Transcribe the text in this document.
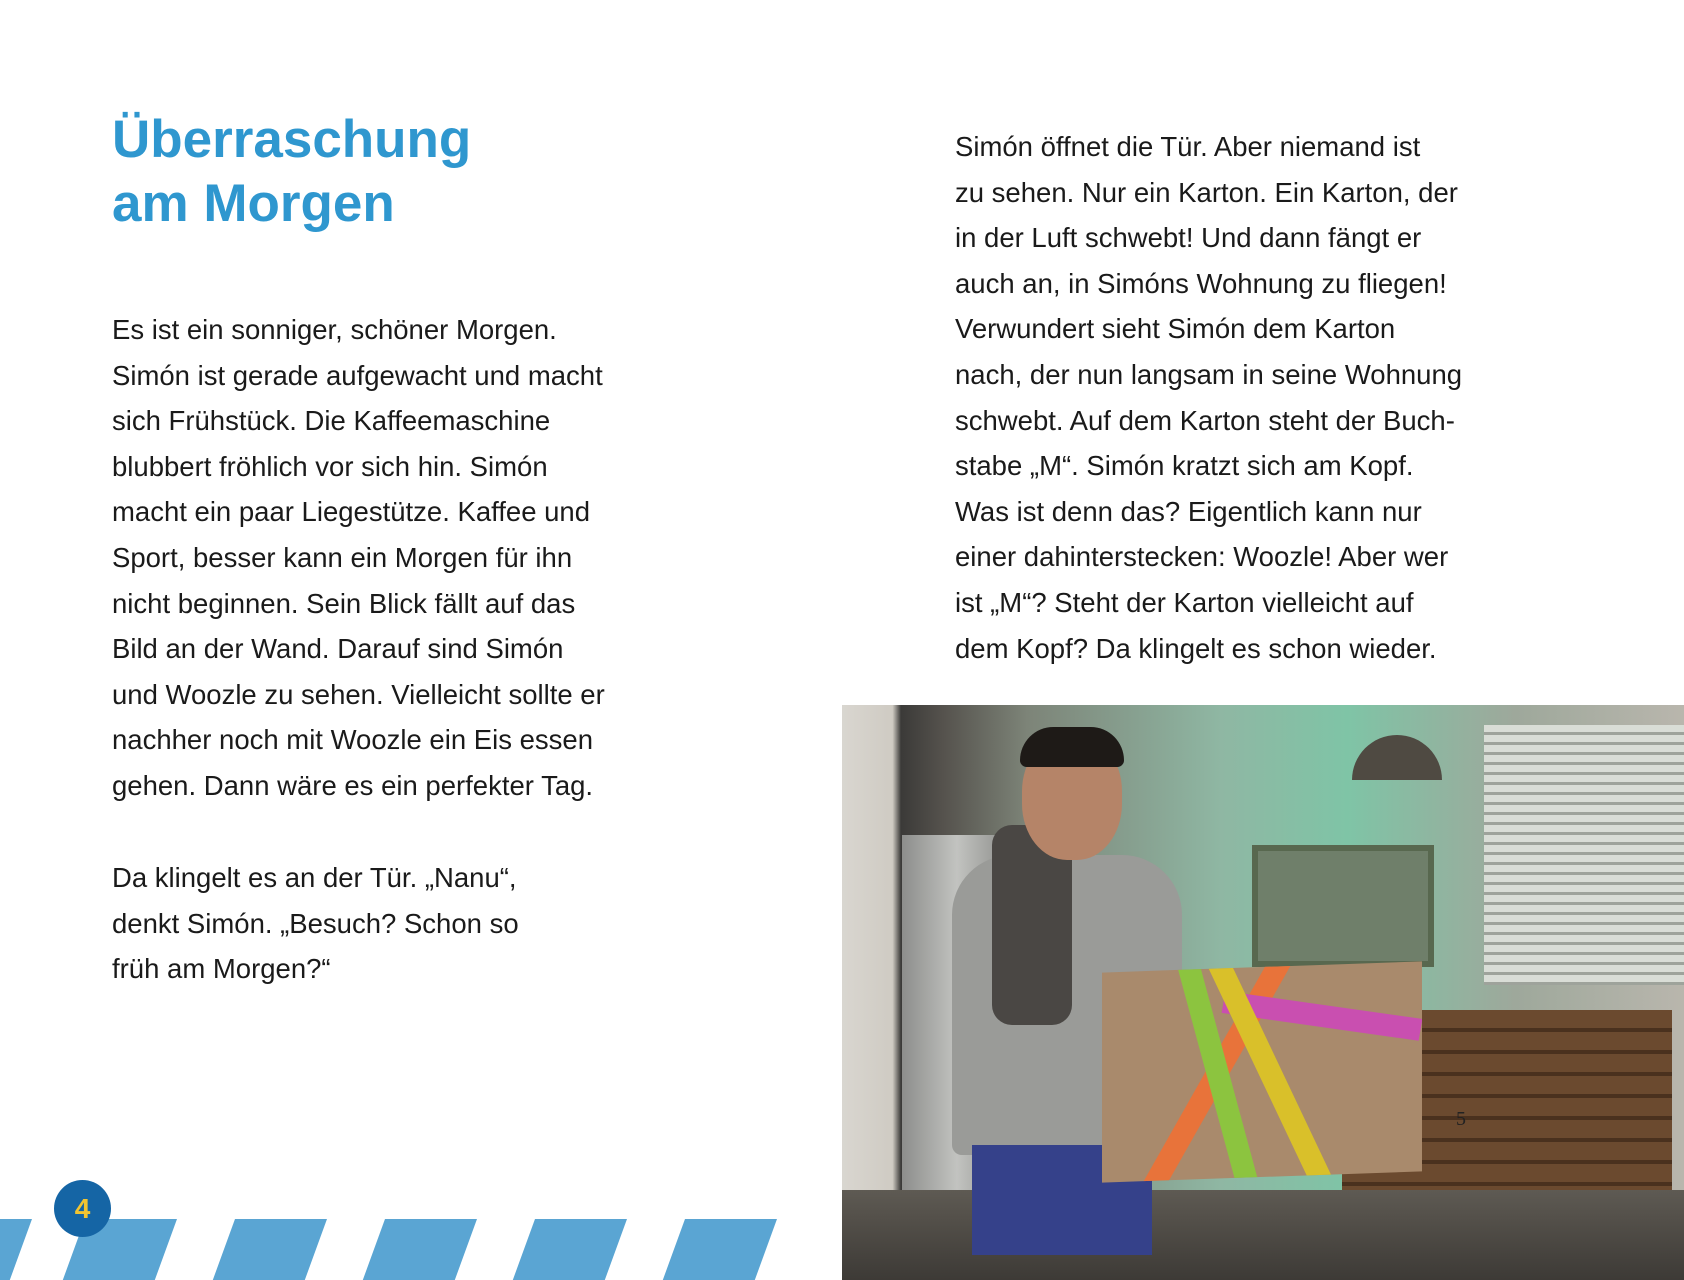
Überraschung
am Morgen

Es ist ein sonniger, schöner Morgen.
Simón ist gerade aufgewacht und macht
sich Frühstück. Die Kaffeemaschine
blubbert fröhlich vor sich hin. Simón
macht ein paar Liegestütze. Kaffee und
Sport, besser kann ein Morgen für ihn
nicht beginnen. Sein Blick fällt auf das
Bild an der Wand. Darauf sind Simón
und Woozle zu sehen. Vielleicht sollte er
nachher noch mit Woozle ein Eis essen
gehen. Dann wäre es ein perfekter Tag.

Da klingelt es an der Tür. „Nanu“,
denkt Simón. „Besuch? Schon so
früh am Morgen?“

Simón öffnet die Tür. Aber niemand ist
zu sehen. Nur ein Karton. Ein Karton, der
in der Luft schwebt! Und dann fängt er
auch an, in Simóns Wohnung zu fliegen!
Verwundert sieht Simón dem Karton
nach, der nun langsam in seine Wohnung
schwebt. Auf dem Karton steht der Buch-
stabe „M“. Simón kratzt sich am Kopf.
Was ist denn das? Eigentlich kann nur
einer dahinterstecken: Woozle! Aber wer
ist „M“? Steht der Karton vielleicht auf
dem Kopf? Da klingelt es schon wieder.

4
5
